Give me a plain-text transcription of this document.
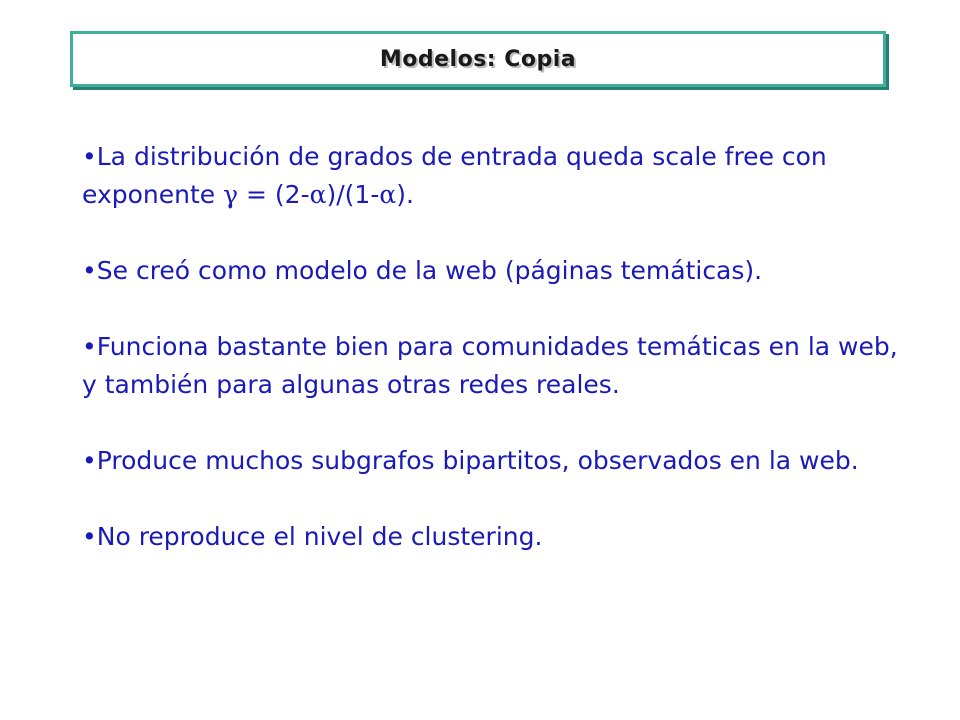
Modelos: Copia
•La distribución de grados de entrada queda scale free con exponente γ = (2-α)/(1-α).
•Se creó como modelo de la web (páginas temáticas).
•Funciona bastante bien para comunidades temáticas en la web, y también para algunas otras redes reales.
•Produce muchos subgrafos bipartitos, observados en la web.
•No reproduce el nivel de clustering.
